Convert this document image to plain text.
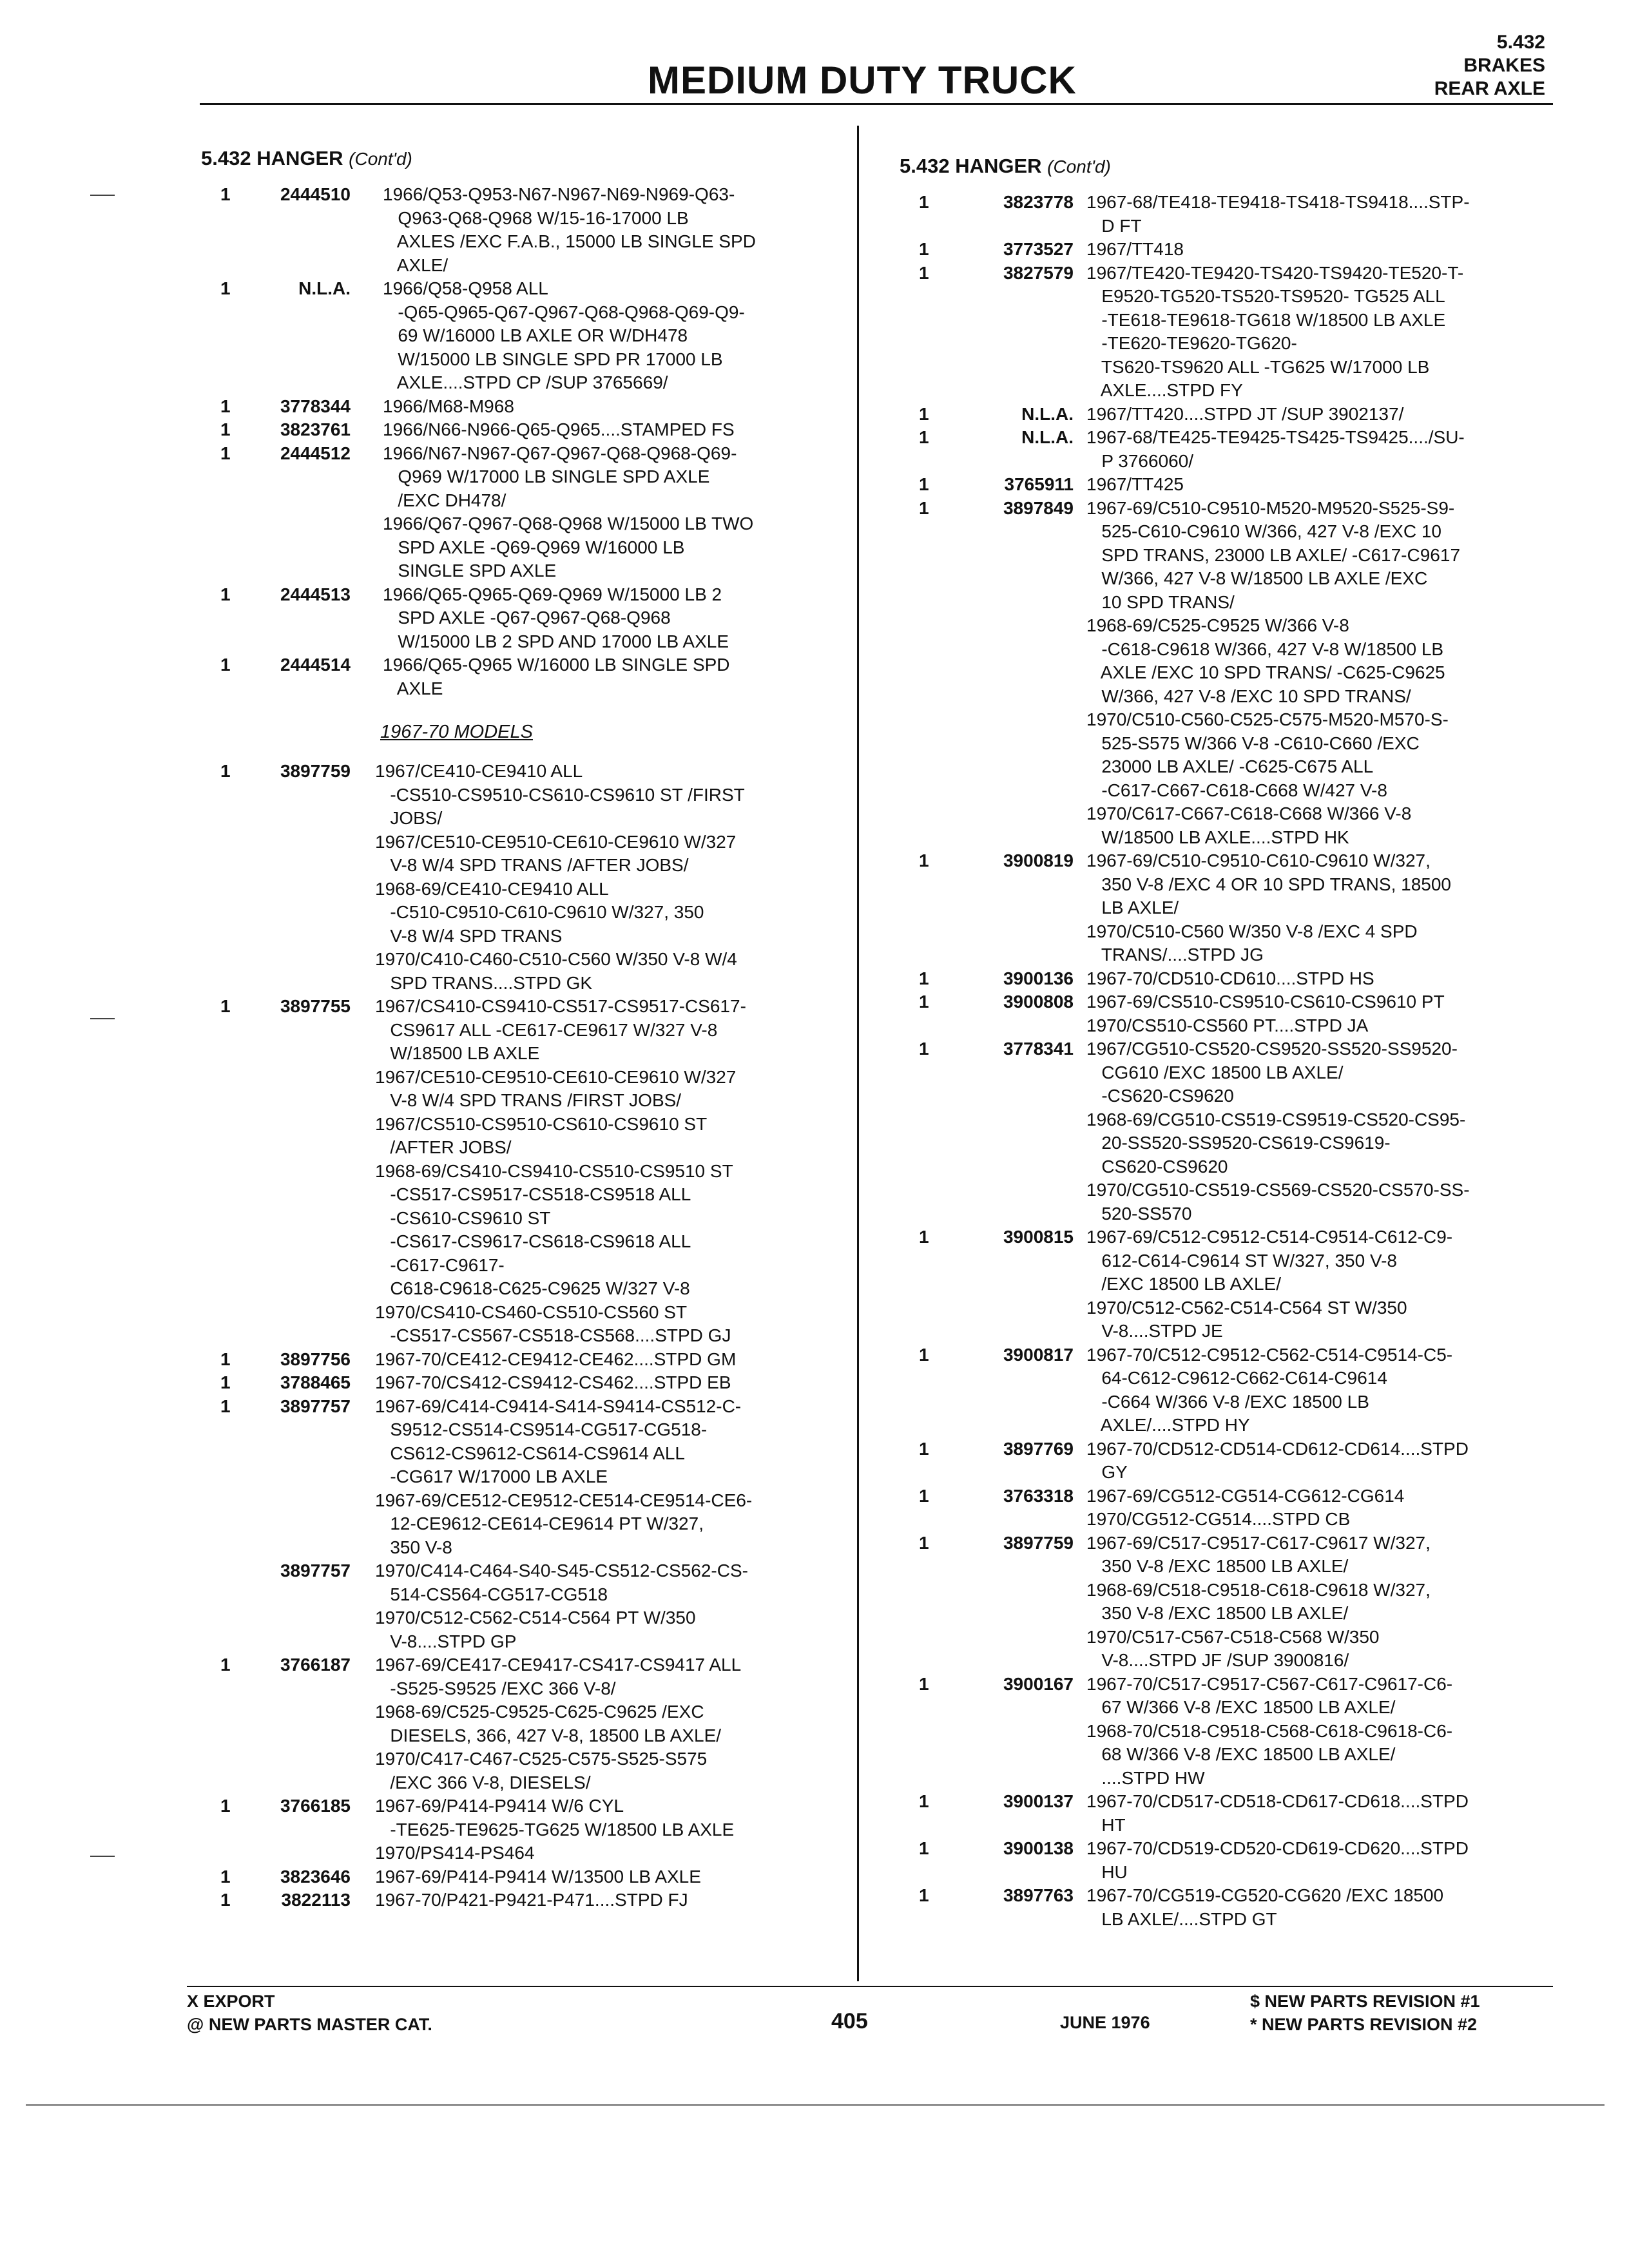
MEDIUM DUTY TRUCK
5.432
BRAKES
REAR AXLE
5.432 HANGER (Cont'd)
1	2444510 1966/Q53-Q953-N67-N967-N69-N969-Q63-
Q963-Q68-Q968 W/15-16-17000 LB
AXLES /EXC F.A.B., 15000 LB SINGLE SPD
AXLE/
1	N.L.A. 1966/Q58-Q958 ALL
-Q65-Q965-Q67-Q967-Q68-Q968-Q69-Q9-
69 W/16000 LB AXLE OR W/DH478
W/15000 LB SINGLE SPD PR 17000 LB
AXLE....STPD CP /SUP 3765669/
1	3778344 1966/M68-M968
1	3823761 1966/N66-N966-Q65-Q965....STAMPED FS
1	2444512 1966/N67-N967-Q67-Q967-Q68-Q968-Q69-
Q969 W/17000 LB SINGLE SPD AXLE
/EXC DH478/
1966/Q67-Q967-Q68-Q968 W/15000 LB TWO
SPD AXLE -Q69-Q969 W/16000 LB
SINGLE SPD AXLE
1	2444513 1966/Q65-Q965-Q69-Q969 W/15000 LB 2
SPD AXLE -Q67-Q967-Q68-Q968
W/15000 LB 2 SPD AND 17000 LB AXLE
1	2444514 1966/Q65-Q965 W/16000 LB SINGLE SPD
AXLE
1967-70 MODELS
1	3897759 1967/CE410-CE9410 ALL
-CS510-CS9510-CS610-CS9610 ST /FIRST
JOBS/
1967/CE510-CE9510-CE610-CE9610 W/327
V-8 W/4 SPD TRANS /AFTER JOBS/
1968-69/CE410-CE9410 ALL
-C510-C9510-C610-C9610 W/327, 350
V-8 W/4 SPD TRANS
1970/C410-C460-C510-C560 W/350 V-8 W/4
SPD TRANS....STPD GK
1	3897755 1967/CS410-CS9410-CS517-CS9517-CS617-
CS9617 ALL -CE617-CE9617 W/327 V-8
W/18500 LB AXLE
1967/CE510-CE9510-CE610-CE9610 W/327
V-8 W/4 SPD TRANS /FIRST JOBS/
1967/CS510-CS9510-CS610-CS9610 ST
/AFTER JOBS/
1968-69/CS410-CS9410-CS510-CS9510 ST
-CS517-CS9517-CS518-CS9518 ALL
-CS610-CS9610 ST
-CS617-CS9617-CS618-CS9618 ALL
-C617-C9617-
C618-C9618-C625-C9625 W/327 V-8
1970/CS410-CS460-CS510-CS560 ST
-CS517-CS567-CS518-CS568....STPD GJ
1	3897756 1967-70/CE412-CE9412-CE462....STPD GM
1	3788465 1967-70/CS412-CS9412-CS462....STPD EB
1	3897757 1967-69/C414-C9414-S414-S9414-CS512-C-
S9512-CS514-CS9514-CG517-CG518-
CS612-CS9612-CS614-CS9614 ALL
-CG617 W/17000 LB AXLE
1967-69/CE512-CE9512-CE514-CE9514-CE6-
12-CE9612-CE614-CE9614 PT W/327,
350 V-8
3897757 1970/C414-C464-S40-S45-CS512-CS562-CS-
514-CS564-CG517-CG518
1970/C512-C562-C514-C564 PT W/350
V-8....STPD GP
1	3766187 1967-69/CE417-CE9417-CS417-CS9417 ALL
-S525-S9525 /EXC 366 V-8/
1968-69/C525-C9525-C625-C9625 /EXC
DIESELS, 366, 427 V-8, 18500 LB AXLE/
1970/C417-C467-C525-C575-S525-S575
/EXC 366 V-8, DIESELS/
1	3766185 1967-69/P414-P9414 W/6 CYL
-TE625-TE9625-TG625 W/18500 LB AXLE
1970/PS414-PS464
1	3823646 1967-69/P414-P9414 W/13500 LB AXLE
1	3822113 1967-70/P421-P9421-P471....STPD FJ
5.432 HANGER (Cont'd)
1	3823778 1967-68/TE418-TE9418-TS418-TS9418....STP-
D FT
1	3773527 1967/TT418
1	3827579 1967/TE420-TE9420-TS420-TS9420-TE520-T-
E9520-TG520-TS520-TS9520- TG525 ALL
-TE618-TE9618-TG618 W/18500 LB AXLE
-TE620-TE9620-TG620-
TS620-TS9620 ALL -TG625 W/17000 LB
AXLE....STPD FY
1	N.L.A. 1967/TT420....STPD JT /SUP 3902137/
1	N.L.A. 1967-68/TE425-TE9425-TS425-TS9425..../SU-
P 3766060/
1	3765911 1967/TT425
1	3897849 1967-69/C510-C9510-M520-M9520-S525-S9-
525-C610-C9610 W/366, 427 V-8 /EXC 10
SPD TRANS, 23000 LB AXLE/ -C617-C9617
W/366, 427 V-8 W/18500 LB AXLE /EXC
10 SPD TRANS/
1968-69/C525-C9525 W/366 V-8
-C618-C9618 W/366, 427 V-8 W/18500 LB
AXLE /EXC 10 SPD TRANS/ -C625-C9625
W/366, 427 V-8 /EXC 10 SPD TRANS/
1970/C510-C560-C525-C575-M520-M570-S-
525-S575 W/366 V-8 -C610-C660 /EXC
23000 LB AXLE/ -C625-C675 ALL
-C617-C667-C618-C668 W/427 V-8
1970/C617-C667-C618-C668 W/366 V-8
W/18500 LB AXLE....STPD HK
1	3900819 1967-69/C510-C9510-C610-C9610 W/327,
350 V-8 /EXC 4 OR 10 SPD TRANS, 18500
LB AXLE/
1970/C510-C560 W/350 V-8 /EXC 4 SPD
TRANS/....STPD JG
1	3900136 1967-70/CD510-CD610....STPD HS
1	3900808 1967-69/CS510-CS9510-CS610-CS9610 PT
1970/CS510-CS560 PT....STPD JA
1	3778341 1967/CG510-CS520-CS9520-SS520-SS9520-
CG610 /EXC 18500 LB AXLE/
-CS620-CS9620
1968-69/CG510-CS519-CS9519-CS520-CS95-
20-SS520-SS9520-CS619-CS9619-
CS620-CS9620
1970/CG510-CS519-CS569-CS520-CS570-SS-
520-SS570
1	3900815 1967-69/C512-C9512-C514-C9514-C612-C9-
612-C614-C9614 ST W/327, 350 V-8
/EXC 18500 LB AXLE/
1970/C512-C562-C514-C564 ST W/350
V-8....STPD JE
1	3900817 1967-70/C512-C9512-C562-C514-C9514-C5-
64-C612-C9612-C662-C614-C9614
-C664 W/366 V-8 /EXC 18500 LB
AXLE/....STPD HY
1	3897769 1967-70/CD512-CD514-CD612-CD614....STPD
GY
1	3763318 1967-69/CG512-CG514-CG612-CG614
1970/CG512-CG514....STPD CB
1	3897759 1967-69/C517-C9517-C617-C9617 W/327,
350 V-8 /EXC 18500 LB AXLE/
1968-69/C518-C9518-C618-C9618 W/327,
350 V-8 /EXC 18500 LB AXLE/
1970/C517-C567-C518-C568 W/350
V-8....STPD JF /SUP 3900816/
1	3900167 1967-70/C517-C9517-C567-C617-C9617-C6-
67 W/366 V-8 /EXC 18500 LB AXLE/
1968-70/C518-C9518-C568-C618-C9618-C6-
68 W/366 V-8 /EXC 18500 LB AXLE/
....STPD HW
1	3900137 1967-70/CD517-CD518-CD617-CD618....STPD
HT
1	3900138 1967-70/CD519-CD520-CD619-CD620....STPD
HU
1	3897763 1967-70/CG519-CG520-CG620 /EXC 18500
LB AXLE/....STPD GT
X EXPORT
@ NEW PARTS MASTER CAT.	405	JUNE 1976
$ NEW PARTS REVISION #1
* NEW PARTS REVISION #2
